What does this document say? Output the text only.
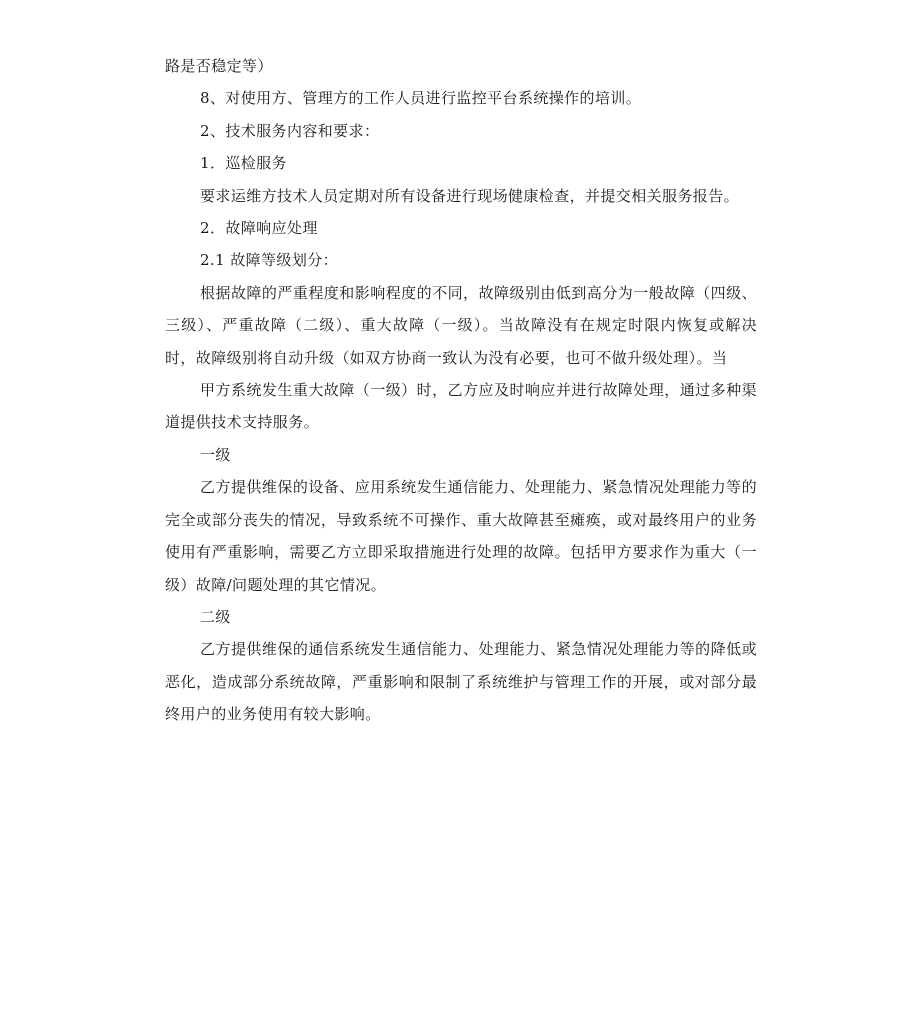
路是否稳定等）

8、对使用方、管理方的工作人员进行监控平台系统操作的培训。

2、技术服务内容和要求：

1．巡检服务

要求运维方技术人员定期对所有设备进行现场健康检查，并提交相关服务报告。

2．故障响应处理

2.1 故障等级划分：

根据故障的严重程度和影响程度的不同，故障级别由低到高分为一般故障（四级、三级）、严重故障（二级）、重大故障（一级）。当故障没有在规定时限内恢复或解决时，故障级别将自动升级（如双方协商一致认为没有必要，也可不做升级处理）。当

甲方系统发生重大故障（一级）时，乙方应及时响应并进行故障处理，通过多种渠道提供技术支持服务。

一级

乙方提供维保的设备、应用系统发生通信能力、处理能力、紧急情况处理能力等的完全或部分丧失的情况，导致系统不可操作、重大故障甚至瘫痪，或对最终用户的业务使用有严重影响，需要乙方立即采取措施进行处理的故障。包括甲方要求作为重大（一级）故障/问题处理的其它情况。

二级

乙方提供维保的通信系统发生通信能力、处理能力、紧急情况处理能力等的降低或恶化，造成部分系统故障，严重影响和限制了系统维护与管理工作的开展，或对部分最终用户的业务使用有较大影响。
